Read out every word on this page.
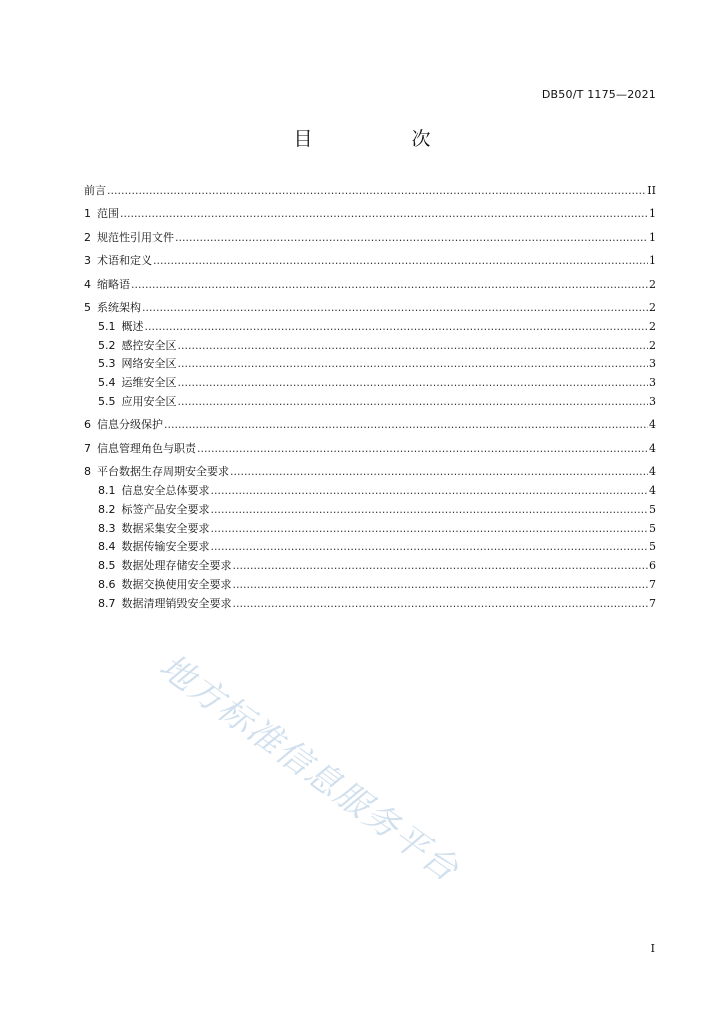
DB50/T 1175—2021
目　次
前言 .....	II
1 范围 .....	1
2 规范性引用文件 .....	1
3 术语和定义 .....	1
4 缩略语 .....	2
5 系统架构 .....	2
5.1 概述 .....	2
5.2 感控安全区 .....	2
5.3 网络安全区 .....	3
5.4 运维安全区 .....	3
5.5 应用安全区 .....	3
6 信息分级保护 .....	4
7 信息管理角色与职责 .....	4
8 平台数据生存周期安全要求 .....	4
8.1 信息安全总体要求 .....	4
8.2 标签产品安全要求 .....	5
8.3 数据采集安全要求 .....	5
8.4 数据传输安全要求 .....	5
8.5 数据处理存储安全要求 .....	6
8.6 数据交换使用安全要求 .....	7
8.7 数据清理销毁安全要求 .....	7
地方标准信息服务平台
I
